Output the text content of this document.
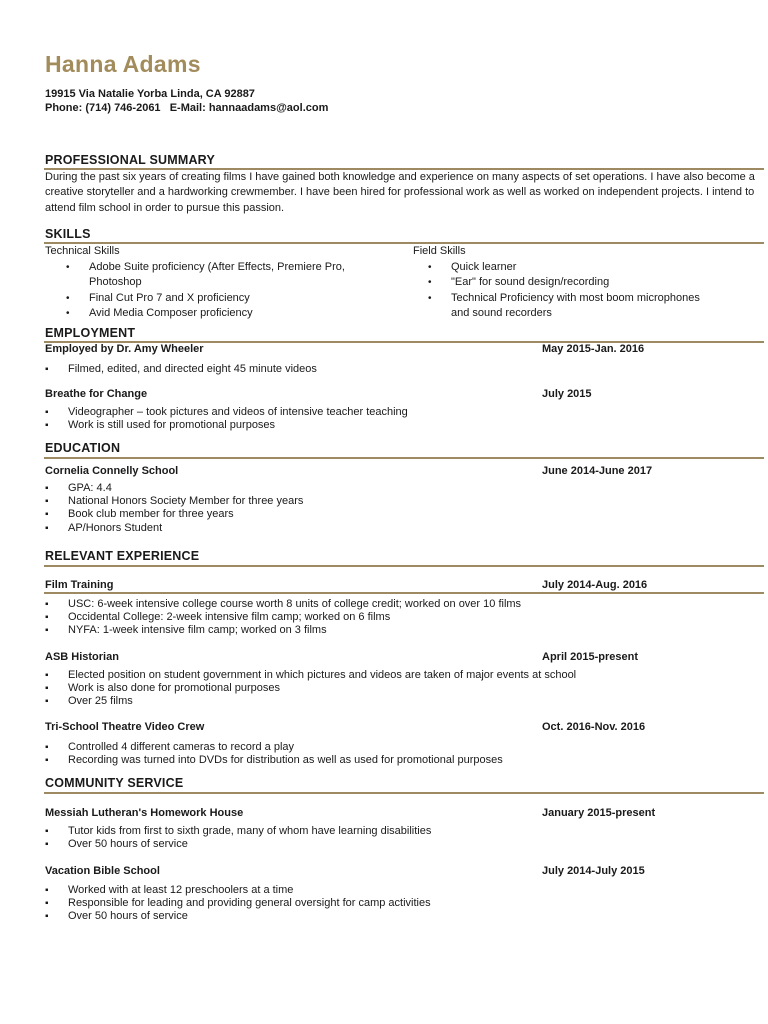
Hanna Adams
19915 Via Natalie Yorba Linda, CA 92887
Phone: (714) 746-2061   E-Mail: hannaadams@aol.com
PROFESSIONAL SUMMARY
During the past six years of creating films I have gained both knowledge and experience on many aspects of set operations. I have also become a creative storyteller and a hardworking crewmember. I have been hired for professional work as well as worked on independent projects. I intend to attend film school in order to pursue this passion.
SKILLS
Technical Skills
• Adobe Suite proficiency (After Effects, Premiere Pro, Photoshop
• Final Cut Pro 7 and X proficiency
• Avid Media Composer proficiency
Field Skills
• Quick learner
• "Ear" for sound design/recording
• Technical Proficiency with most boom microphones and sound recorders
EMPLOYMENT
Employed by Dr. Amy Wheeler	May 2015-Jan. 2016
▪ Filmed, edited, and directed eight 45 minute videos
Breathe for Change	July 2015
▪ Videographer – took pictures and videos of intensive teacher teaching
▪ Work is still used for promotional purposes
EDUCATION
Cornelia Connelly School	June 2014-June 2017
▪ GPA: 4.4
▪ National Honors Society Member for three years
▪ Book club member for three years
▪ AP/Honors Student
RELEVANT EXPERIENCE
Film Training	July 2014-Aug. 2016
▪ USC: 6-week intensive college course worth 8 units of college credit; worked on over 10 films
▪ Occidental College: 2-week intensive film camp; worked on 6 films
▪ NYFA: 1-week intensive film camp; worked on 3 films
ASB Historian	April 2015-present
▪ Elected position on student government in which pictures and videos are taken of major events at school
▪ Work is also done for promotional purposes
▪ Over 25 films
Tri-School Theatre Video Crew	Oct. 2016-Nov. 2016
▪ Controlled 4 different cameras to record a play
▪ Recording was turned into DVDs for distribution as well as used for promotional purposes
COMMUNITY SERVICE
Messiah Lutheran's Homework House	January 2015-present
▪ Tutor kids from first to sixth grade, many of whom have learning disabilities
▪ Over 50 hours of service
Vacation Bible School	July 2014-July 2015
▪ Worked with at least 12 preschoolers at a time
▪ Responsible for leading and providing general oversight for camp activities
▪ Over 50 hours of service
